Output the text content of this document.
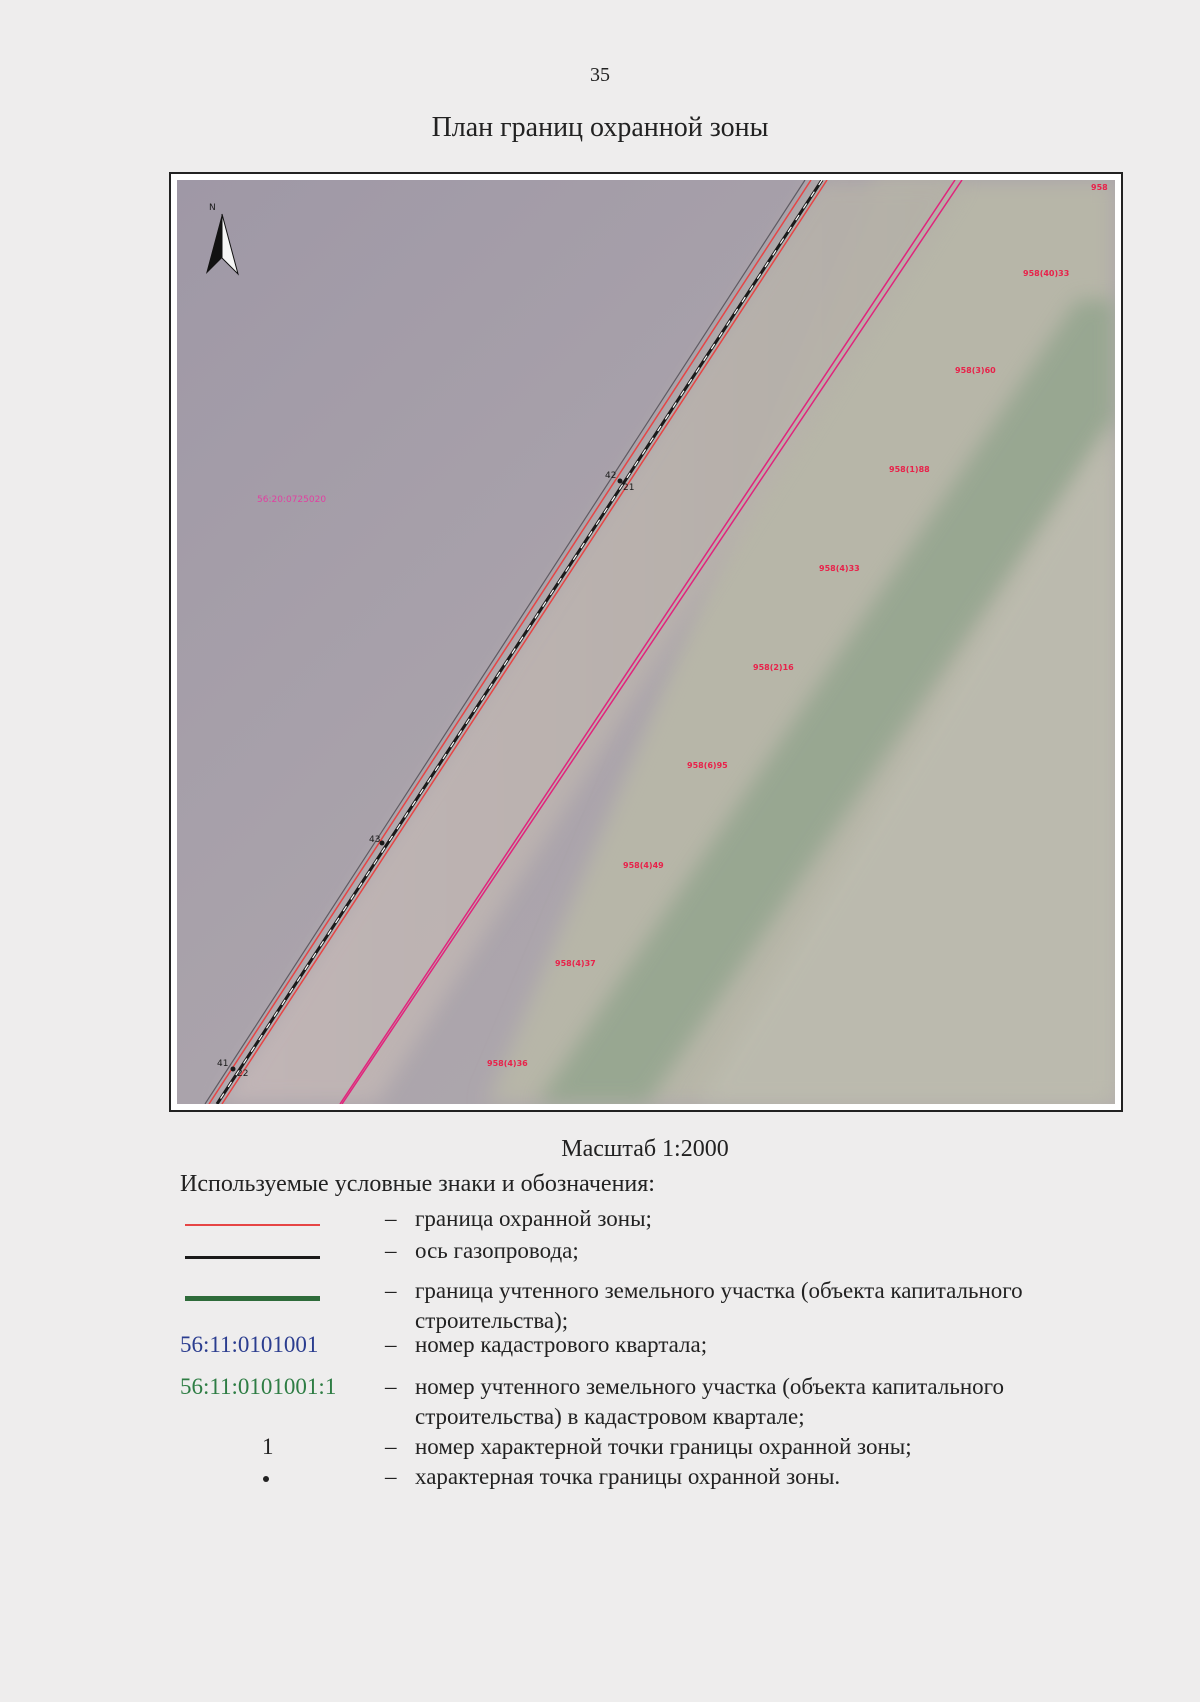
35
План границ охранной зоны
42
21
43
41
22
56:20:0725020
958(40)33
958(3)60
958(1)88
958(4)33
958(2)16
958(6)95
958(4)49
958(4)37
958(4)36
958
N
Масштаб 1:2000
Используемые условные знаки и обозначения:
– граница охранной зоны;
– ось газопровода;
– граница учтенного земельного участка (объекта капитального строительства);
56:11:0101001	– номер кадастрового квартала;
56:11:0101001:1	– номер учтенного земельного участка (объекта капитального строительства) в кадастровом квартале;
1	– номер характерной точки границы охранной зоны;
– характерная точка границы охранной зоны.
